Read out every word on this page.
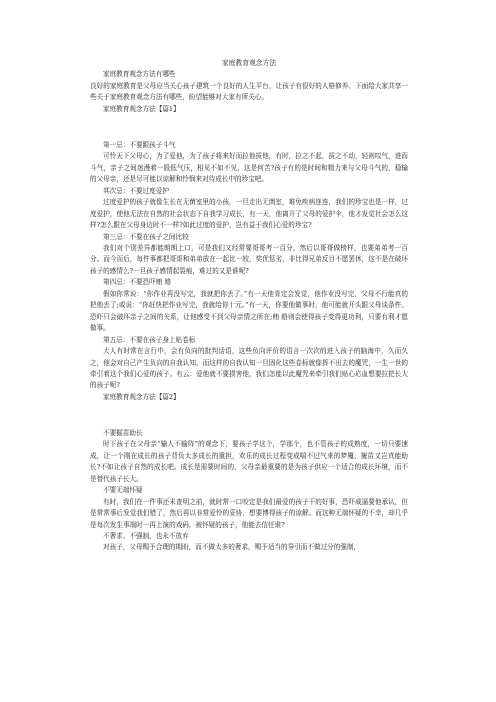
家庭教育观念方法

家庭教育观念方法有哪些

良好的家庭教育是父母应当关心孩子建筑一个良好的人生平台，让孩子有很好的人格修养。下面给大家共享一些关于家庭教育观念方法有哪些，盼望能够对大家有所关心。

家庭教育观念方法【篇1】

第一忌：不要跟孩子斗气

可怜天下父母心，为了爱他，为了孩子将来好而拉他拔他，有时，拉之不起，拔之不动，轻则叹气，进而斗气，亲子之间迷漫着一股低气压，相见不如不见，这是何苦?孩子有的是时间和精力来与父母斗气的，稳输的父母亲，还是尽可能以谅解和怜悯来对待成长中的珍宝吧。

其次忌：不要过度爱护

过度爱护的孩子就像生长在无菌室里的小孩，一旦走出无菌室，难免疾病连连，我们的珍宝也是一样，过度爱护，使他无法在自然的社会状态下自我学习成长，有一天，他离开了父母的爱护伞，他才发觉社会怎么这样?怎么跟在父母身边时不一样?如此过度的爱护，岂有益于我们心爱的珍宝?

第三忌：不要在孩子之间比较

我们对个别差异都能朗朗上口，可是我们又经常要哥哥考一百分，然后以哥哥做榜样，也要弟弟考一百分。而今而后，每件事都把哥哥和弟弟放在一起比一较，奖优惩劣，非比得兄弟反目不愿罢休，这不是在破坏孩子的感情么?一旦孩子感情起裂痕，难过的又是谁呢?

第四忌：不要恐吓贿 赂

假如你常说：“你作业再没写完，我就把你丢了。”有一天他肯定会发觉，他作业没写完，父母不行能真的把他丢了;或说：“你赶快把作业写完，我就给你十元。”有一天，你要他做事时，他可能就开头跟父母谈条件。恐吓只会破坏亲子之间的关系，让他感受不到父母亲情之所在;贿 赂则会使得孩子变得更功利，只要有利才愿做事。

第五忌：不要在孩子身上贴卷标

大人有时常在言行中，会有负向的批判话语，这些负向评价的语言一次次的进入孩子的脑海中，久而久之，他会对自己产生负向的自我认知，而这样的自我认知一旦固化这些卷标就像挥不出去的魔咒，一生一世的牵引着这个我们心爱的孩子。有云：爱他就不要损害他，我们怎能以此魔咒来牵引我们贴心応血想要拉把长大的孩子呢?

家庭教育观念方法【篇2】

不要掘苗助长

时下孩子在父母亲“输人不输阵”的观念下，要孩子学这个，学那个，也不管孩子的成熟度，一切只要速成，让一个刚在成长的孩子背负太多成长的重担，欢乐的成长过程变成喘不过气来的梦魇，揠苗又岂真能助长?不如让孩子自然的成长吧。成长是需要时间的，父母亲最重要的是为孩子供应一个适合的成长环境，而不是替代孩子长大。

不要无端怀疑

有时，我们在一件事还未查明之前，就时常一口咬定是我们最爱的孩子干的好事，恐吓威逼要他承认，但是常常事后发觉我们错了，然后再以非常爱怜的妥协，想要博得孩子的谅解。而这种无端怀疑的不幸，却几乎是每次发生事端时一再上演的戏码，被怀疑的孩子，他能去信任谁?

不奢求、不强制、也永不放弃

对孩子，父母赐予合理的期盼，而不做太多的奢求，赐予适当的导引而不做过分的强制，
